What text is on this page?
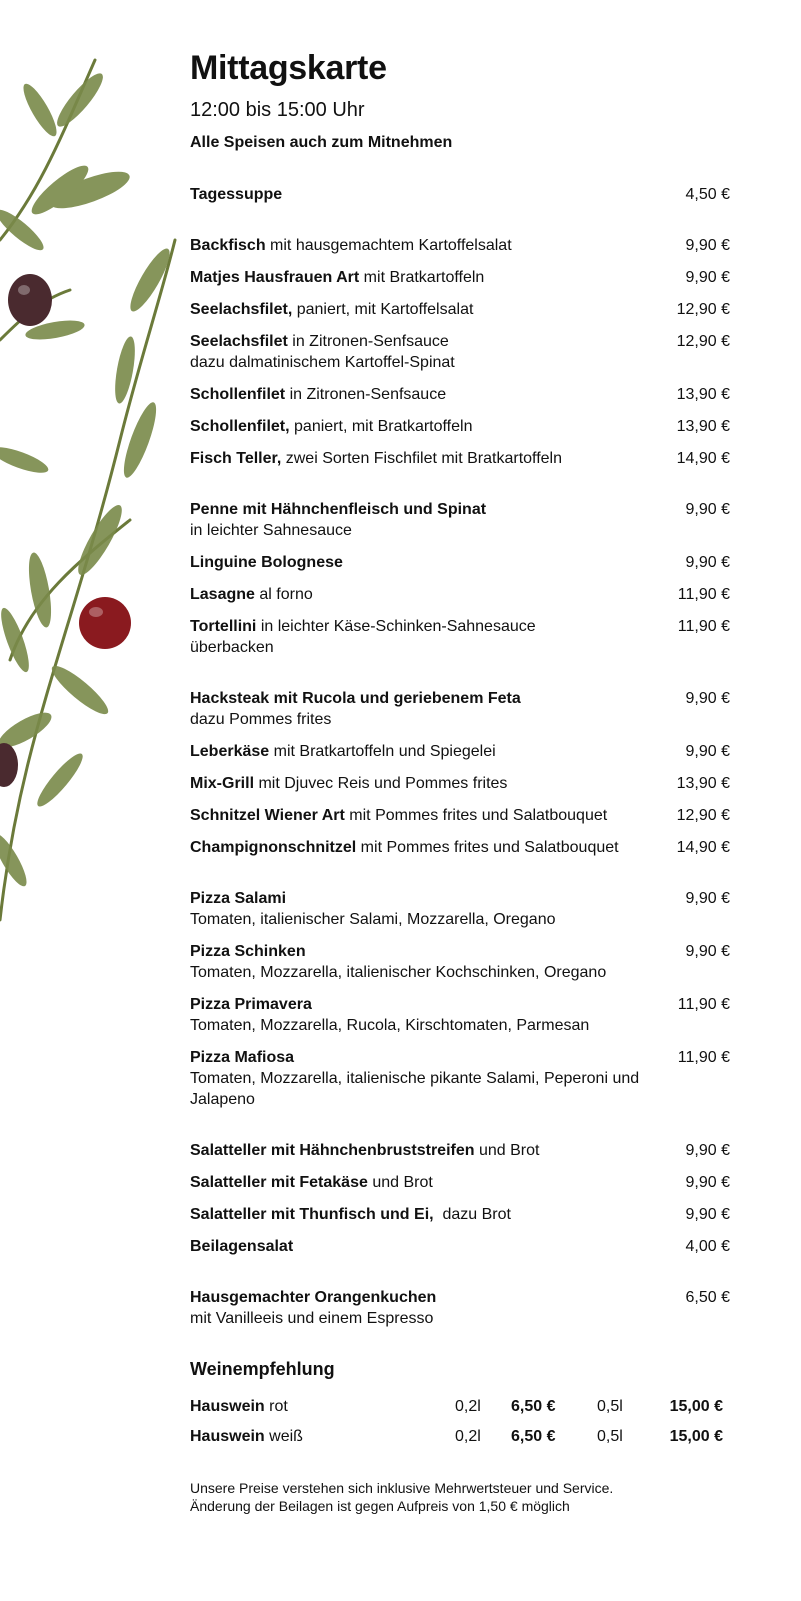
Mittagskarte
12:00 bis 15:00 Uhr
Alle Speisen auch zum Mitnehmen
Tagessuppe	4,50 €
Backfisch mit hausgemachtem Kartoffelsalat	9,90 €
Matjes Hausfrauen Art mit Bratkartoffeln	9,90 €
Seelachsfilet, paniert, mit Kartoffelsalat	12,90 €
Seelachsfilet in Zitronen-Senfsauce
dazu dalmatinischem Kartoffel-Spinat
12,90 €
Schollenfilet in Zitronen-Senfsauce	13,90 €
Schollenfilet, paniert, mit Bratkartoffeln	13,90 €
Fisch Teller, zwei Sorten Fischfilet mit Bratkartoffeln	14,90 €
Penne mit Hähnchenfleisch und Spinat
in leichter Sahnesauce
9,90 €
Linguine Bolognese	9,90 €
Lasagne al forno	11,90 €
Tortellini in leichter Käse-Schinken-Sahnesauce
überbacken
11,90 €
Hacksteak mit Rucola und geriebenem Feta
dazu Pommes frites
9,90 €
Leberkäse mit Bratkartoffeln und Spiegelei	9,90 €
Mix-Grill mit Djuvec Reis und Pommes frites	13,90 €
Schnitzel Wiener Art mit Pommes frites und Salatbouquet	12,90 €
Champignonschnitzel mit Pommes frites und Salatbouquet	14,90 €
Pizza Salami
Tomaten, italienischer Salami, Mozzarella, Oregano
9,90 €
Pizza Schinken
Tomaten, Mozzarella, italienischer Kochschinken, Oregano
9,90 €
Pizza Primavera
Tomaten, Mozzarella, Rucola, Kirschtomaten, Parmesan
11,90 €
Pizza Mafiosa
Tomaten, Mozzarella, italienische pikante Salami, Peperoni und Jalapeno
11,90 €
Salatteller mit Hähnchenbruststreifen und Brot	9,90 €
Salatteller mit Fetakäse und Brot	9,90 €
Salatteller mit Thunfisch und Ei,  dazu Brot	9,90 €
Beilagensalat	4,00 €
Hausgemachter Orangenkuchen
mit Vanilleeis und einem Espresso
6,50 €
Weinempfehlung
Hauswein rot	0,2l	6,50 €	0,5l	15,00 €
Hauswein weiß	0,2l	6,50 €	0,5l	15,00 €
Unsere Preise verstehen sich inklusive Mehrwertsteuer und Service.
Änderung der Beilagen ist gegen Aufpreis von 1,50 € möglich
